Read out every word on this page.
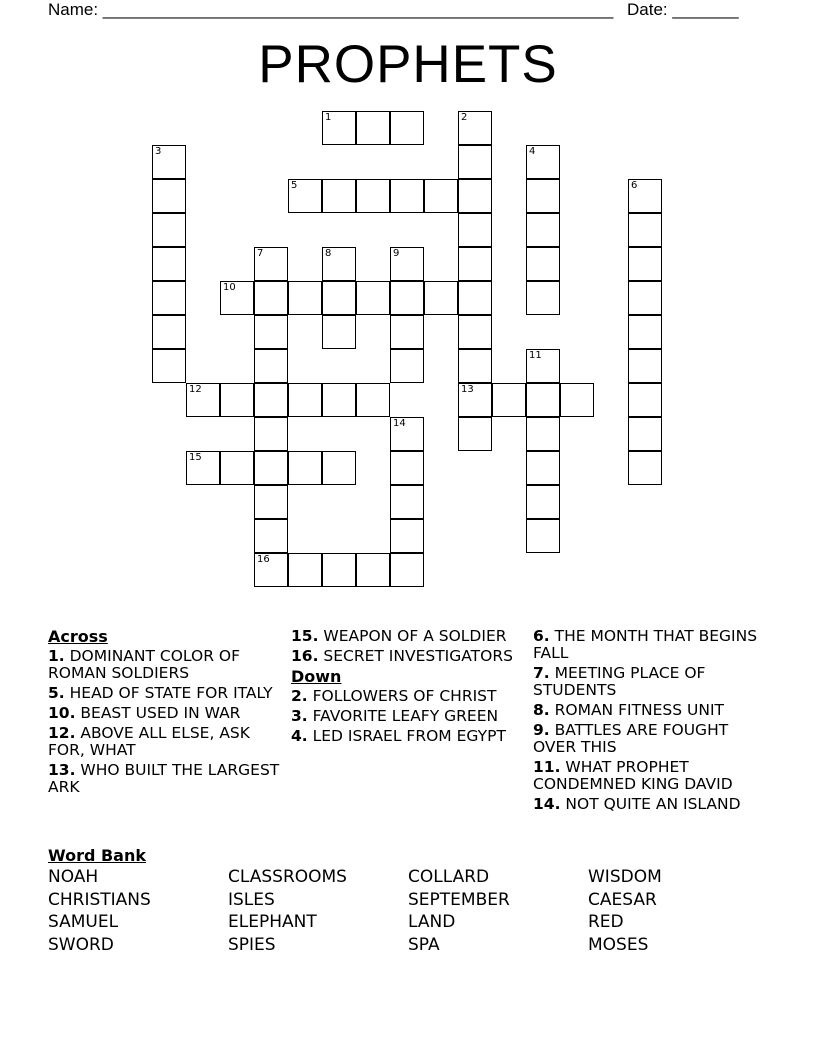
Name: ______________________________________________________ Date: _______
PROPHETS
1	2
13
3	4
5	6
7
16
8	9
10
11
12
14
15
Across
1. DOMINANT COLOR OF ROMAN SOLDIERS
5. HEAD OF STATE FOR ITALY
10. BEAST USED IN WAR
12. ABOVE ALL ELSE, ASK FOR, WHAT
13. WHO BUILT THE LARGEST ARK
15. WEAPON OF A SOLDIER
16. SECRET INVESTIGATORS
Down
2. FOLLOWERS OF CHRIST
3. FAVORITE LEAFY GREEN
4. LED ISRAEL FROM EGYPT
6. THE MONTH THAT BEGINS FALL
7. MEETING PLACE OF STUDENTS
8. ROMAN FITNESS UNIT
9. BATTLES ARE FOUGHT OVER THIS
11. WHAT PROPHET CONDEMNED KING DAVID
14. NOT QUITE AN ISLAND
Word Bank
NOAH	CLASSROOMS	COLLARD	WISDOM
CHRISTIANS	ISLES	SEPTEMBER	CAESAR
SAMUEL	ELEPHANT	LAND	RED
SWORD	SPIES	SPA	MOSES
